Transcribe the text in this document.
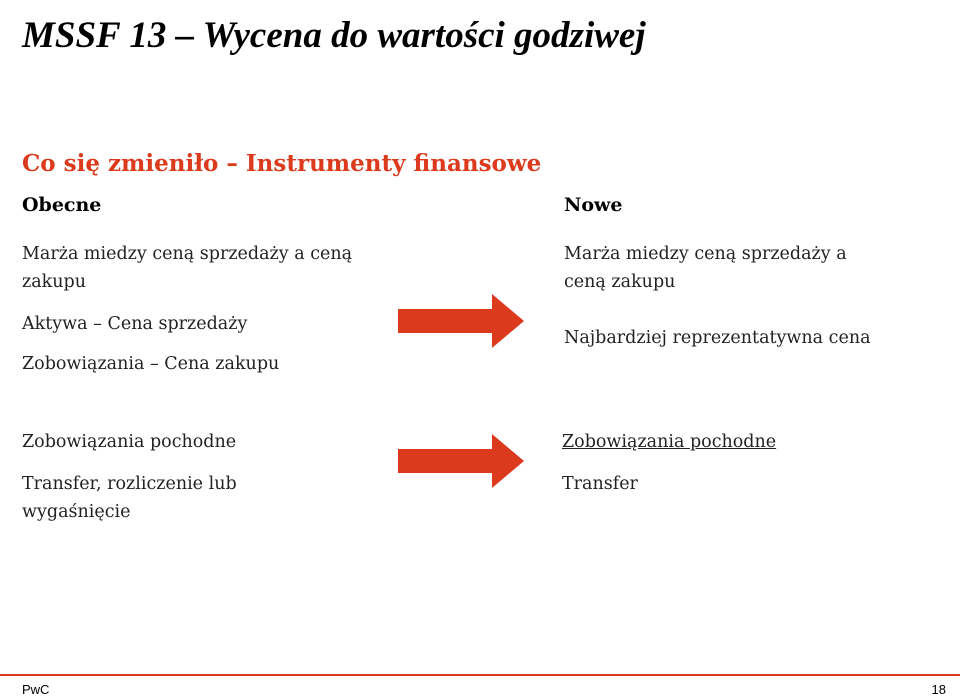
MSSF 13 – Wycena do wartości godziwej
Co się zmieniło – Instrumenty finansowe
Obecne	Nowe
Marża miedzy ceną sprzedaży a ceną
zakupu
Aktywa – Cena sprzedaży
Zobowiązania – Cena zakupu
Marża miedzy ceną sprzedaży a
ceną zakupu
Najbardziej reprezentatywna cena
Zobowiązania pochodne
Transfer, rozliczenie lub
wygaśnięcie
Zobowiązania pochodne
Transfer
PwC	18
